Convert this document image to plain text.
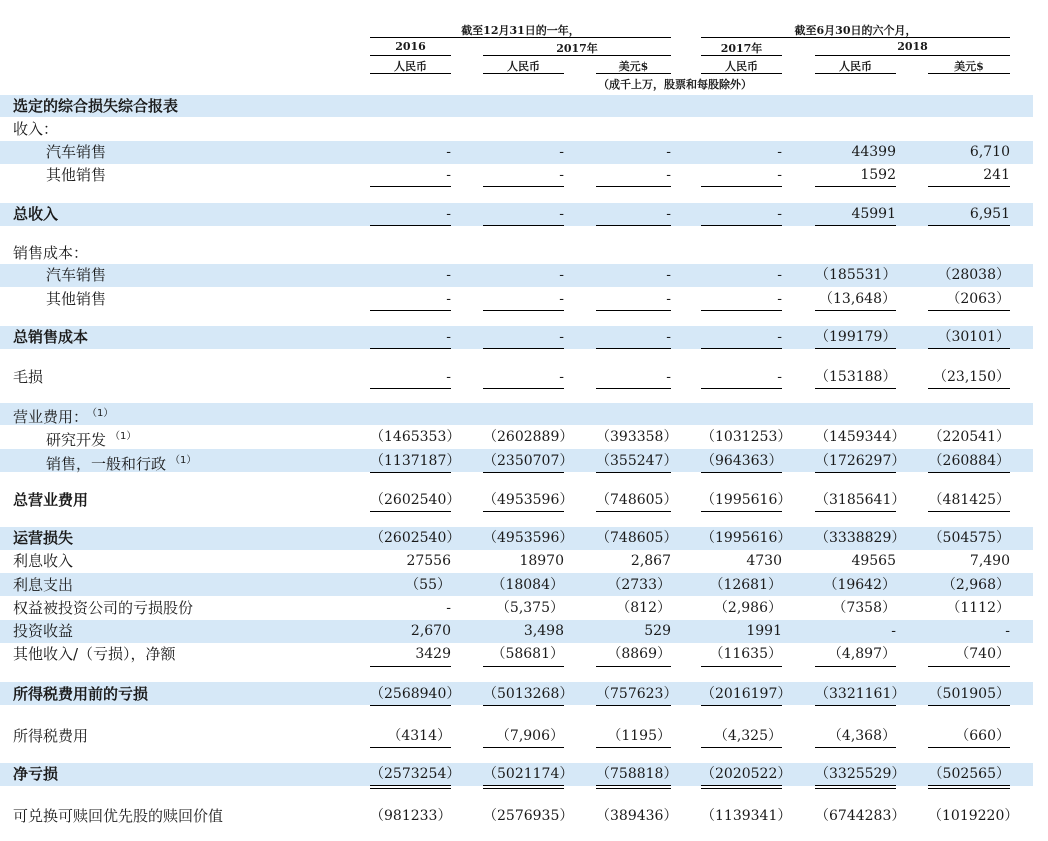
截至12月31日的一年，	截至6月30日的六个月，
2016	2017年	2017年	2018
人民币	人民币	美元$	人民币	人民币	美元$
（成千上万，股票和每股除外）
选定的综合损失综合报表
收入：
汽车销售	-	-	-	-	44399	6,710
其他销售	-	-	-	-	1592	241
总收入	-	-	-	-	45991	6,951
销售成本：
汽车销售	-	-	-	- （185531）	（28038）
其他销售	-	-	-	-	（13,648）	（2063）
总销售成本	-	-	-	- （199179）	（30101）
毛损	-	-	-	- （153188）	（23,150）
营业费用： $^{(1)}$
研究开发 $^{(1)}$	（1465353） （2602889） （393358） （1031253） （1459344） （220541）
销售，一般和行政 $^{(1)}$	（1137187） （2350707） （355247） （964363） （1726297） （260884）
总营业费用	（2602540） （4953596） （748605） （1995616） （3185641） （481425）
运营损失	（2602540） （4953596） （748605） （1995616） （3338829） （504575）
利息收入	27556	18970	2,867	4730	49565	7,490
利息支出	（55）	（18084）	（2733）	（12681）	（19642）	（2,968）
权益被投资公司的亏损股份	-	（5,375）	（812）	（2,986）	（7358）	（1112）
投资收益	2,670	3,498	529	1991	-	-
其他收入/（亏损），净额	3429	（58681）	（8869）	（11635）	（4,897）	（740）
所得税费用前的亏损	（2568940） （5013268） （757623） （2016197） （3321161） （501905）
所得税费用	（4314）	（7,906）	（1195）	（4,325）	（4,368）	（660）
净亏损	（2573254） （5021174） （758818） （2020522） （3325529） （502565）
可兑换可赎回优先股的赎回价值	（981233） （2576935） （389436） （1139341） （6744283） （1019220）
